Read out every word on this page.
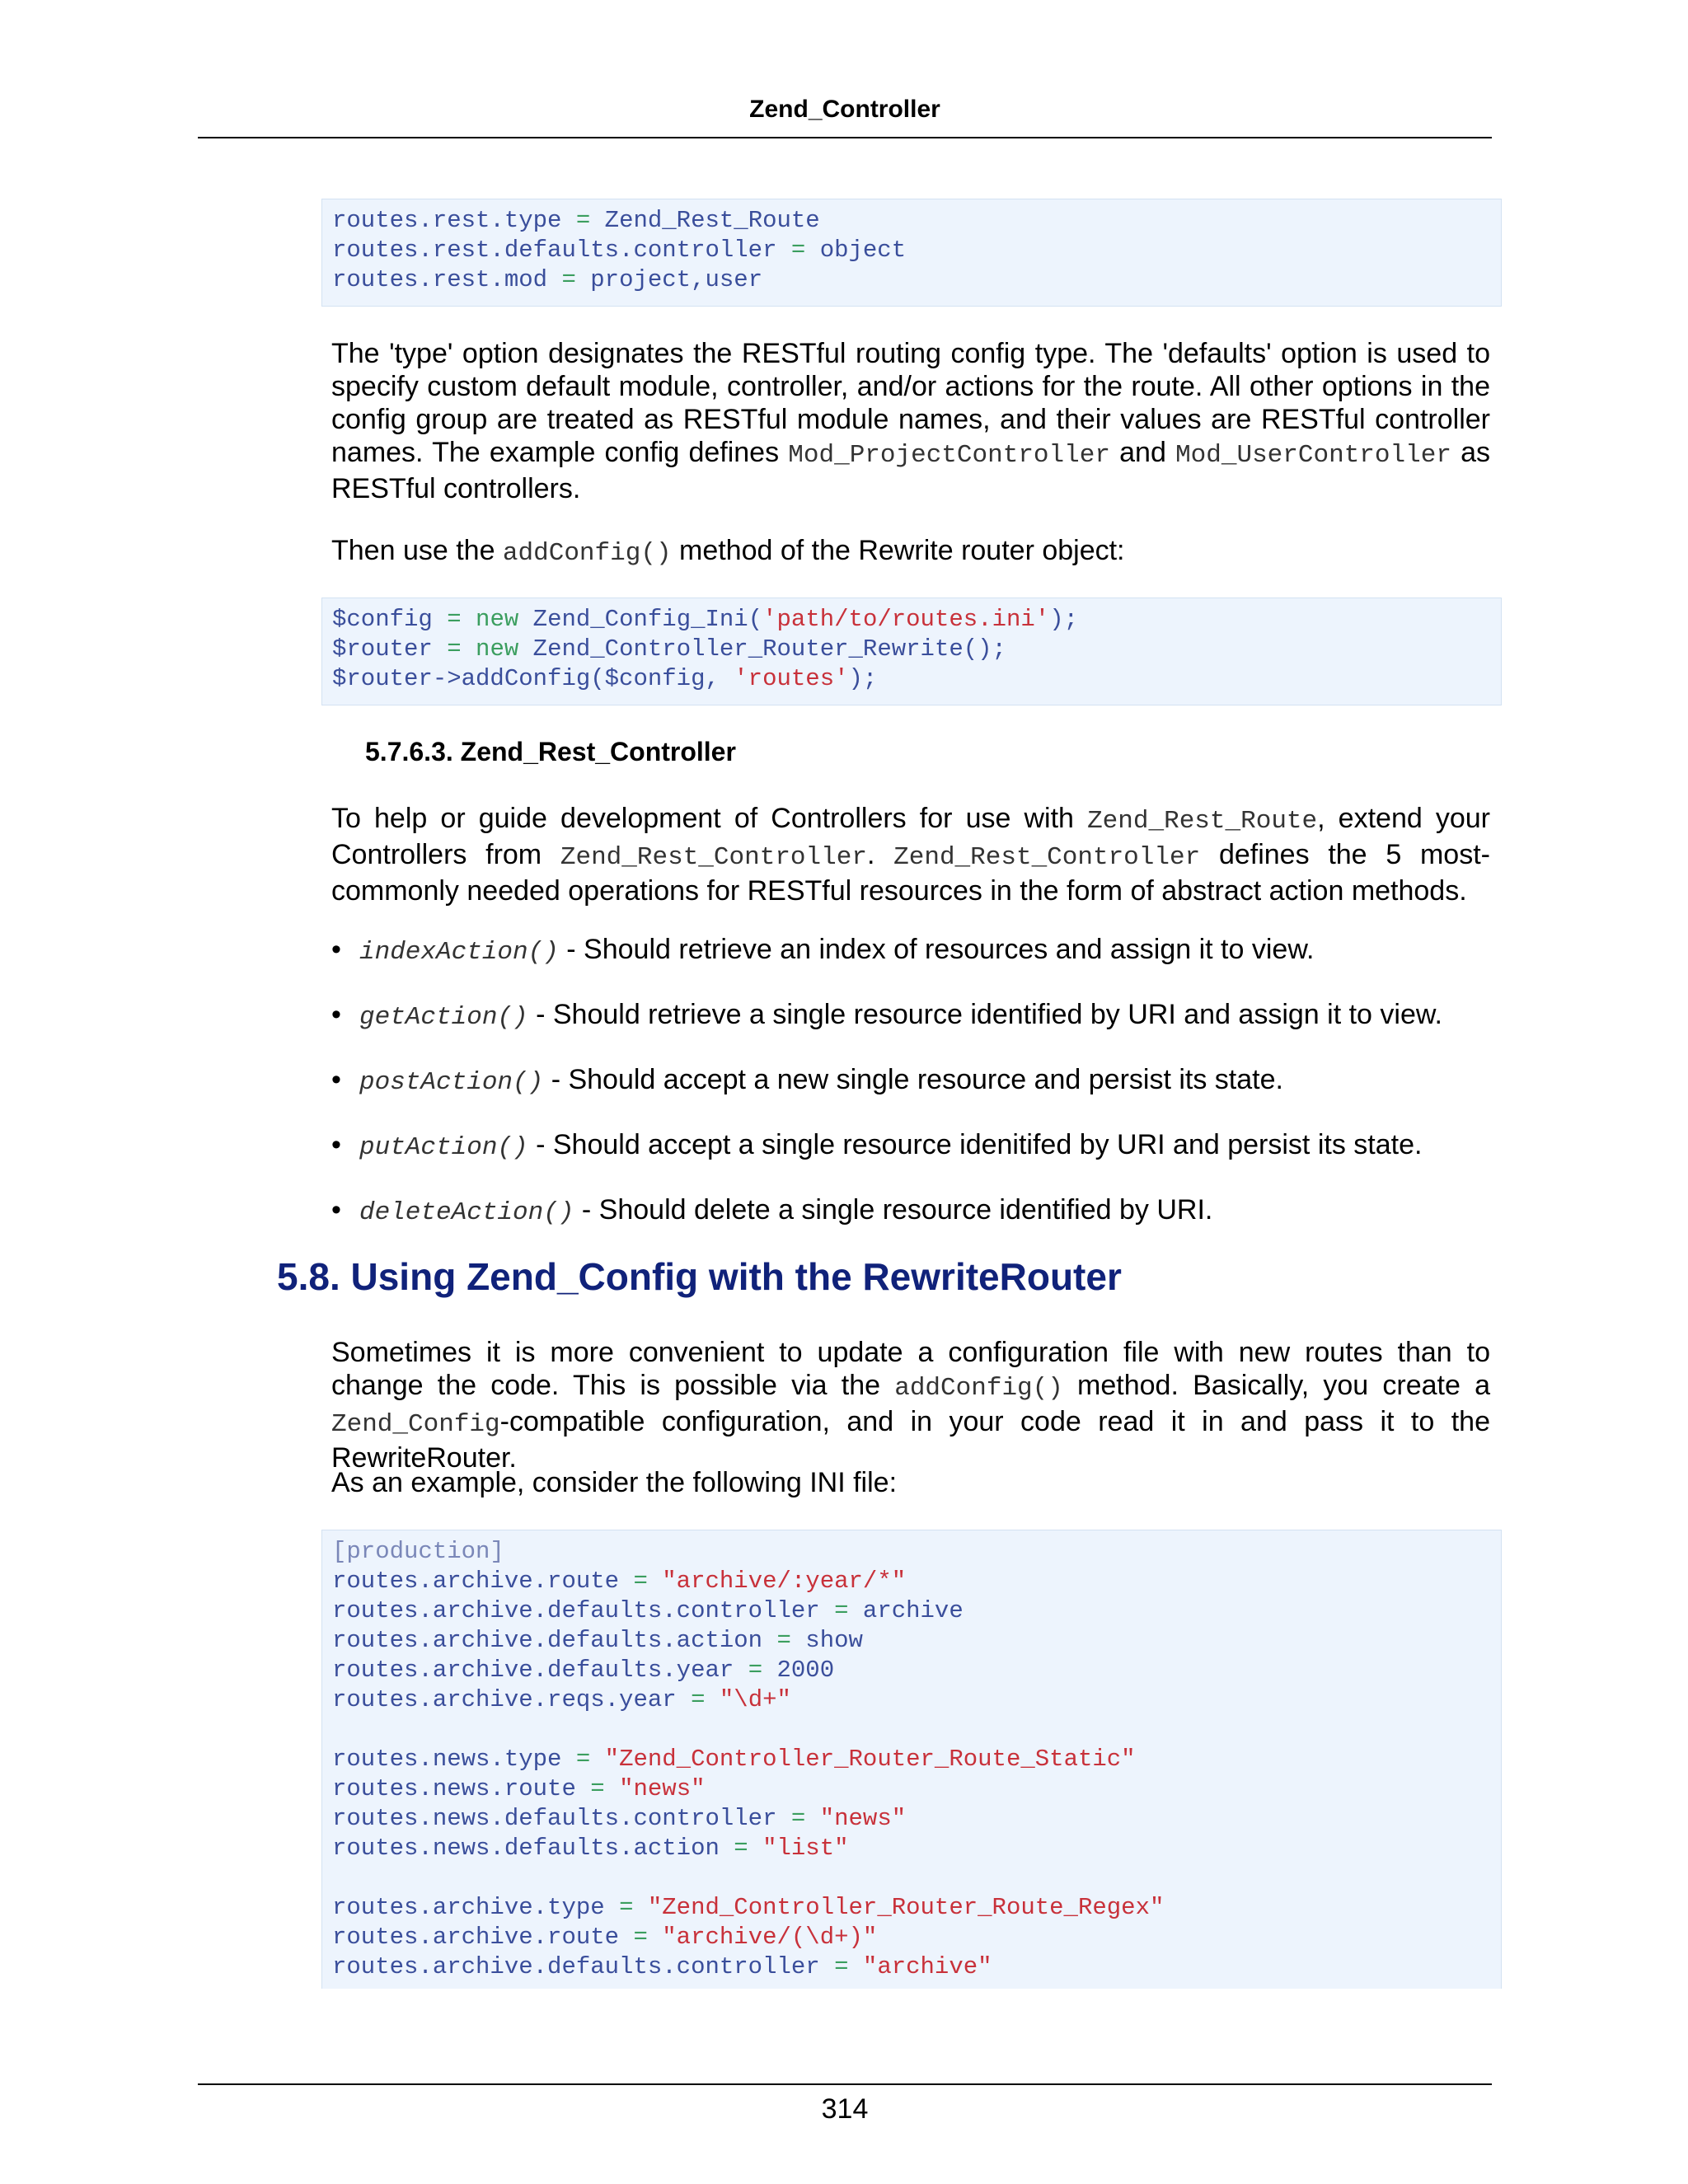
Zend_Controller
routes.rest.type = Zend_Rest_Route
routes.rest.defaults.controller = object
routes.rest.mod = project,user
The 'type' option designates the RESTful routing config type. The 'defaults' option is used to specify custom default module, controller, and/or actions for the route. All other options in the config group are treated as RESTful module names, and their values are RESTful controller names. The example config defines Mod_ProjectController and Mod_UserController as RESTful controllers.
Then use the addConfig() method of the Rewrite router object:
$config = new Zend_Config_Ini('path/to/routes.ini');
$router = new Zend_Controller_Router_Rewrite();
$router->addConfig($config, 'routes');
5.7.6.3. Zend_Rest_Controller
To help or guide development of Controllers for use with Zend_Rest_Route, extend your Controllers from Zend_Rest_Controller. Zend_Rest_Controller defines the 5 most-commonly needed operations for RESTful resources in the form of abstract action methods.
• indexAction() - Should retrieve an index of resources and assign it to view.
• getAction() - Should retrieve a single resource identified by URI and assign it to view.
• postAction() - Should accept a new single resource and persist its state.
• putAction() - Should accept a single resource idenitifed by URI and persist its state.
• deleteAction() - Should delete a single resource identified by URI.
5.8. Using Zend_Config with the RewriteRouter
Sometimes it is more convenient to update a configuration file with new routes than to change the code. This is possible via the addConfig() method. Basically, you create a Zend_Config-compatible configuration, and in your code read it in and pass it to the RewriteRouter.
As an example, consider the following INI file:
[production]
routes.archive.route = "archive/:year/*"
routes.archive.defaults.controller = archive
routes.archive.defaults.action = show
routes.archive.defaults.year = 2000
routes.archive.reqs.year = "\d+"
routes.news.type = "Zend_Controller_Router_Route_Static"
routes.news.route = "news"
routes.news.defaults.controller = "news"
routes.news.defaults.action = "list"
routes.archive.type = "Zend_Controller_Router_Route_Regex"
routes.archive.route = "archive/(\d+)"
routes.archive.defaults.controller = "archive"
314
